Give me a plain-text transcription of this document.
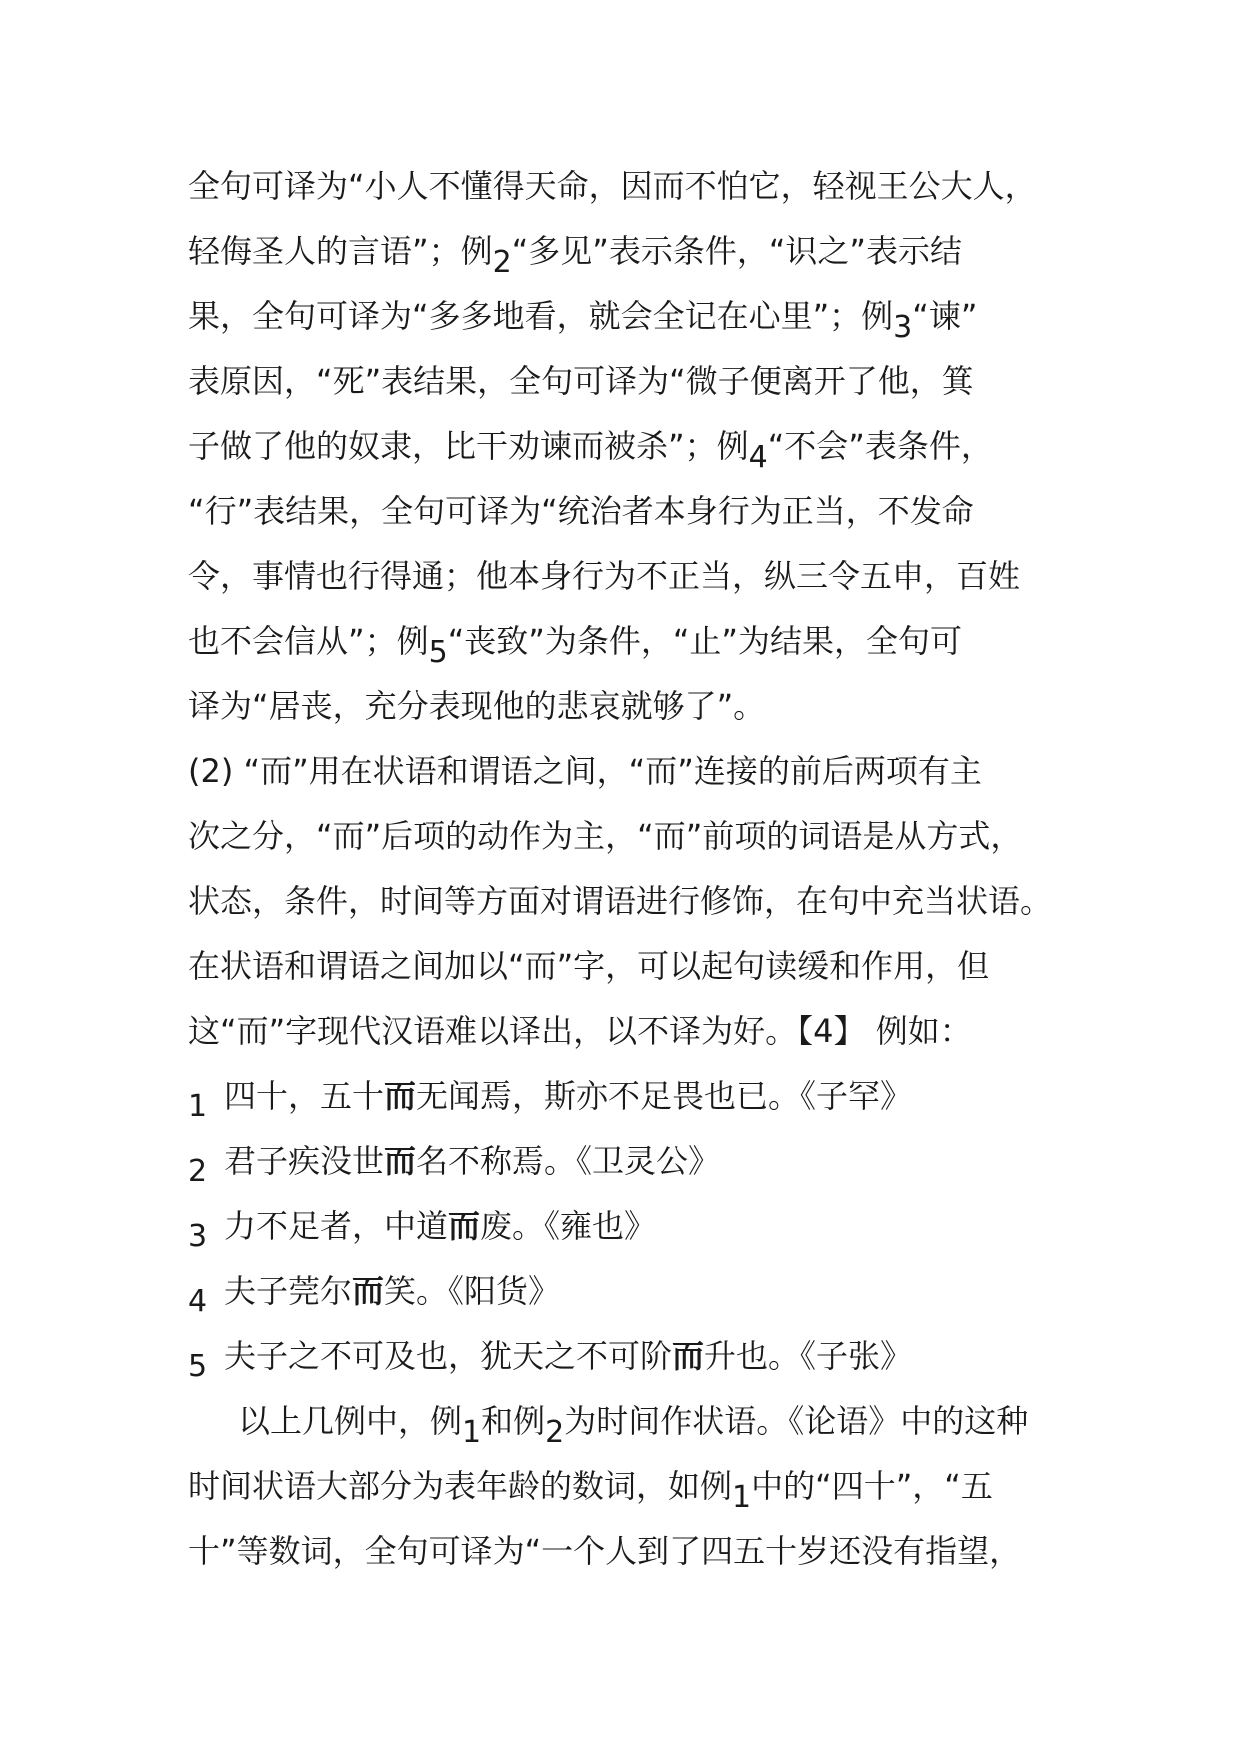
全句可译为“小人不懂得天命，因而不怕它，轻视王公大人，
轻侮圣人的言语”；例2“多见”表示条件，“识之”表示结
果，全句可译为“多多地看，就会全记在心里”；例3“谏”
表原因，“死”表结果，全句可译为“微子便离开了他，箕
子做了他的奴隶，比干劝谏而被杀”；例4“不会”表条件，
“行”表结果，全句可译为“统治者本身行为正当，不发命
令，事情也行得通；他本身行为不正当，纵三令五申，百姓
也不会信从”；例5“丧致”为条件，“止”为结果，全句可
译为“居丧，充分表现他的悲哀就够了”。
(2) “而”用在状语和谓语之间，“而”连接的前后两项有主
次之分，“而”后项的动作为主，“而”前项的词语是从方式，
状态，条件，时间等方面对谓语进行修饰，在句中充当状语。
在状语和谓语之间加以“而”字，可以起句读缓和作用，但
这“而”字现代汉语难以译出，以不译为好。【4】 例如：
1 四十，五十而无闻焉，斯亦不足畏也已。《子罕》
2 君子疾没世而名不称焉。《卫灵公》
3 力不足者，中道而废。《雍也》
4 夫子莞尔而笑。《阳货》
5 夫子之不可及也，犹天之不可阶而升也。《子张》
以上几例中，例1和例2为时间作状语。《论语》中的这种
时间状语大部分为表年龄的数词，如例1中的“四十”，“五
十”等数词，全句可译为“一个人到了四五十岁还没有指望，
